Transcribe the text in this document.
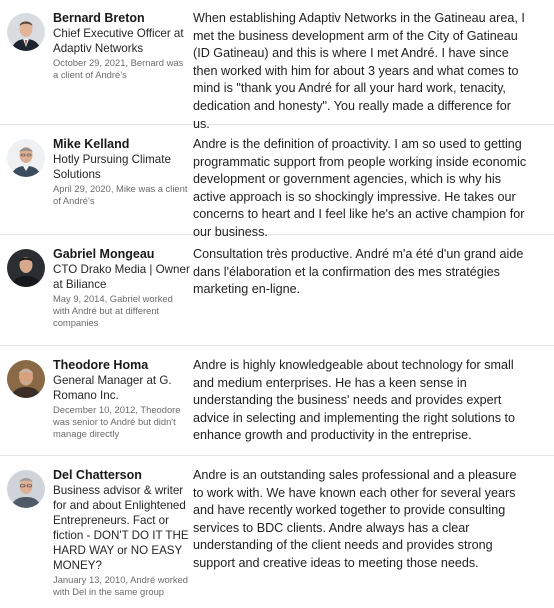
Bernard Breton
Chief Executive Officer at Adaptiv Networks
October 29, 2021, Bernard was a client of André’s
When establishing Adaptiv Networks in the Gatineau area, I met the business development arm of the City of Gatineau (ID Gatineau) and this is where I met André. I have since then worked with him for about 3 years and what comes to mind is "thank you André for all your hard work, tenacity, dedication and honesty". You really made a difference for us.
Mike Kelland
Hotly Pursuing Climate Solutions
April 29, 2020, Mike was a client of André’s
Andre is the definition of proactivity. I am so used to getting programmatic support from people working inside economic development or government agencies, which is why his active approach is so shockingly impressive. He takes our concerns to heart and I feel like he's an active champion for our business.
Gabriel Mongeau
CTO Drako Media | Owner at Biliance
May 9, 2014, Gabriel worked with André but at different companies
Consultation très productive. André m'a été d'un grand aide dans l'élaboration et la confirmation des mes stratégies marketing en-ligne.
Theodore Homa
General Manager at G. Romano Inc.
December 10, 2012, Theodore was senior to André but didn't manage directly
Andre is highly knowledgeable about technology for small and medium enterprises. He has a keen sense in understanding the business' needs and provides expert advice in selecting and implementing the right solutions to enhance growth and productivity in the entreprise.
Del Chatterson
Business advisor & writer for and about Enlightened Entrepreneurs. Fact or fiction - DON'T DO IT THE HARD WAY or NO EASY MONEY?
January 13, 2010, André worked with Del in the same group
Andre is an outstanding sales professional and a pleasure to work with. We have known each other for several years and have recently worked together to provide consulting services to BDC clients. Andre always has a clear understanding of the client needs and provides strong support and creative ideas to meeting those needs.
